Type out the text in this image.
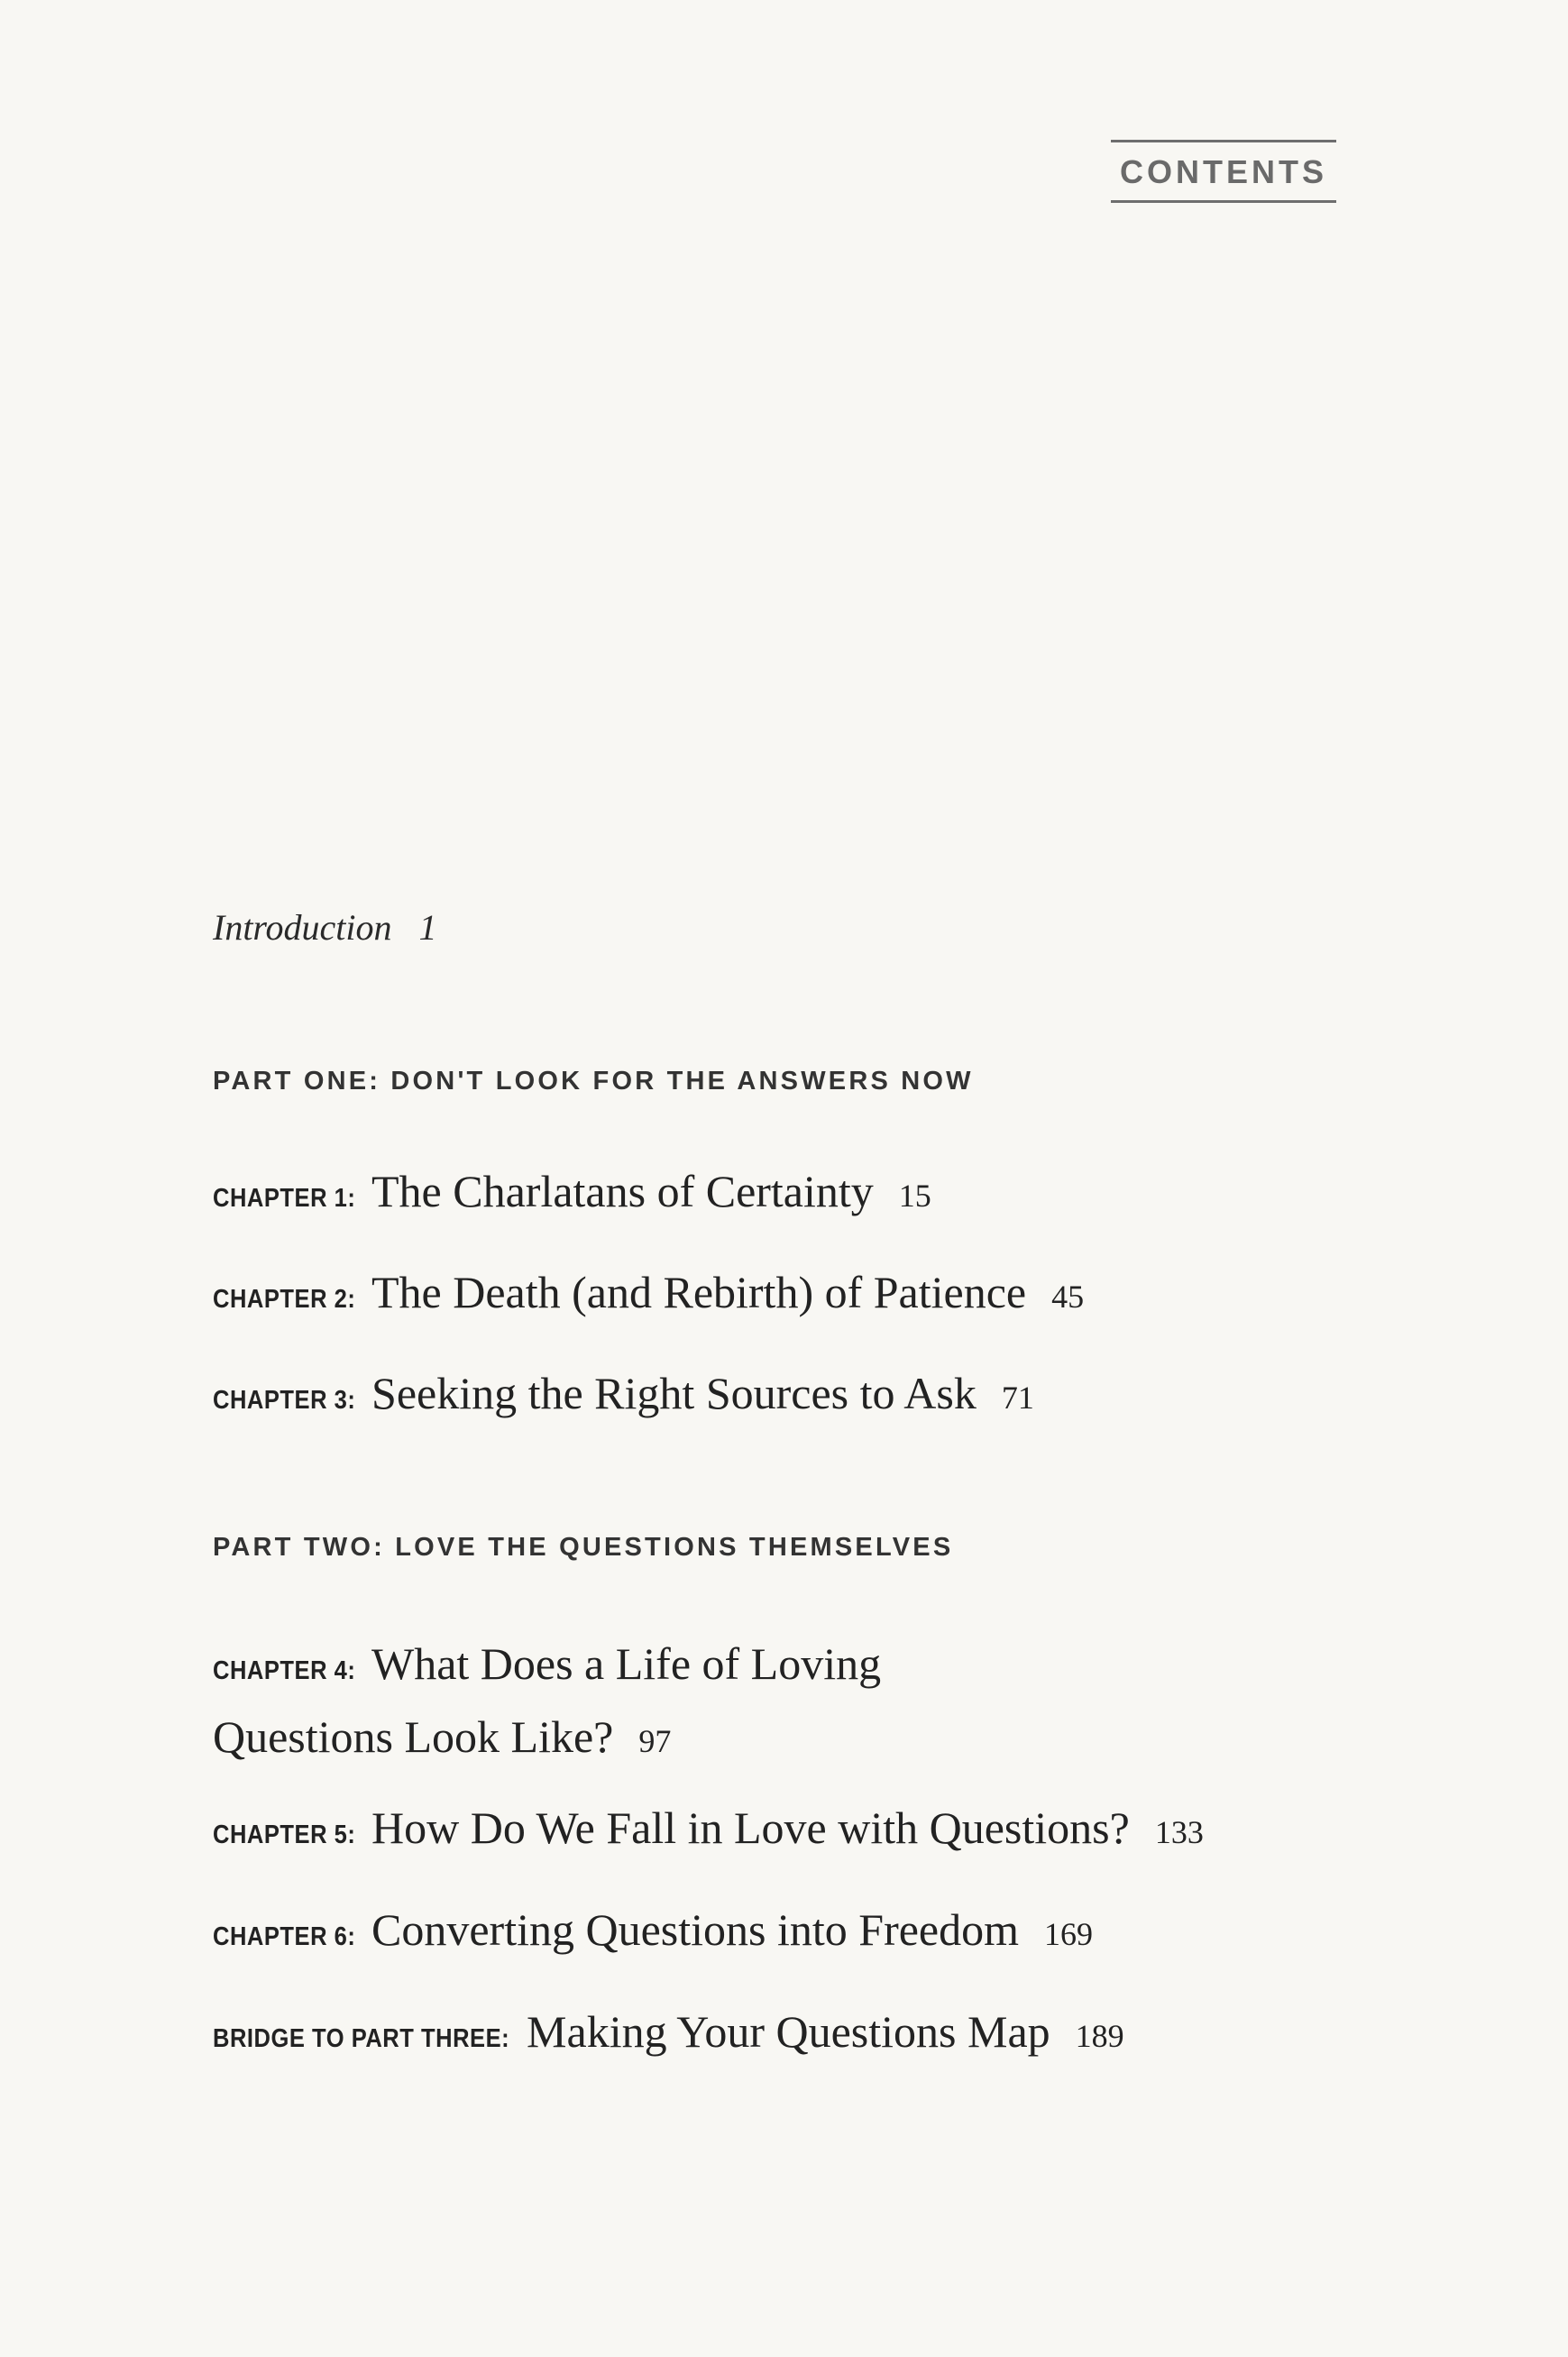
CONTENTS
Introduction 1
PART ONE: DON'T LOOK FOR THE ANSWERS NOW
CHAPTER 1: The Charlatans of Certainty 15
CHAPTER 2: The Death (and Rebirth) of Patience 45
CHAPTER 3: Seeking the Right Sources to Ask 71
PART TWO: LOVE THE QUESTIONS THEMSELVES
CHAPTER 4: What Does a Life of Loving
Questions Look Like? 97
CHAPTER 5: How Do We Fall in Love with Questions? 133
CHAPTER 6: Converting Questions into Freedom 169
BRIDGE TO PART THREE: Making Your Questions Map 189
